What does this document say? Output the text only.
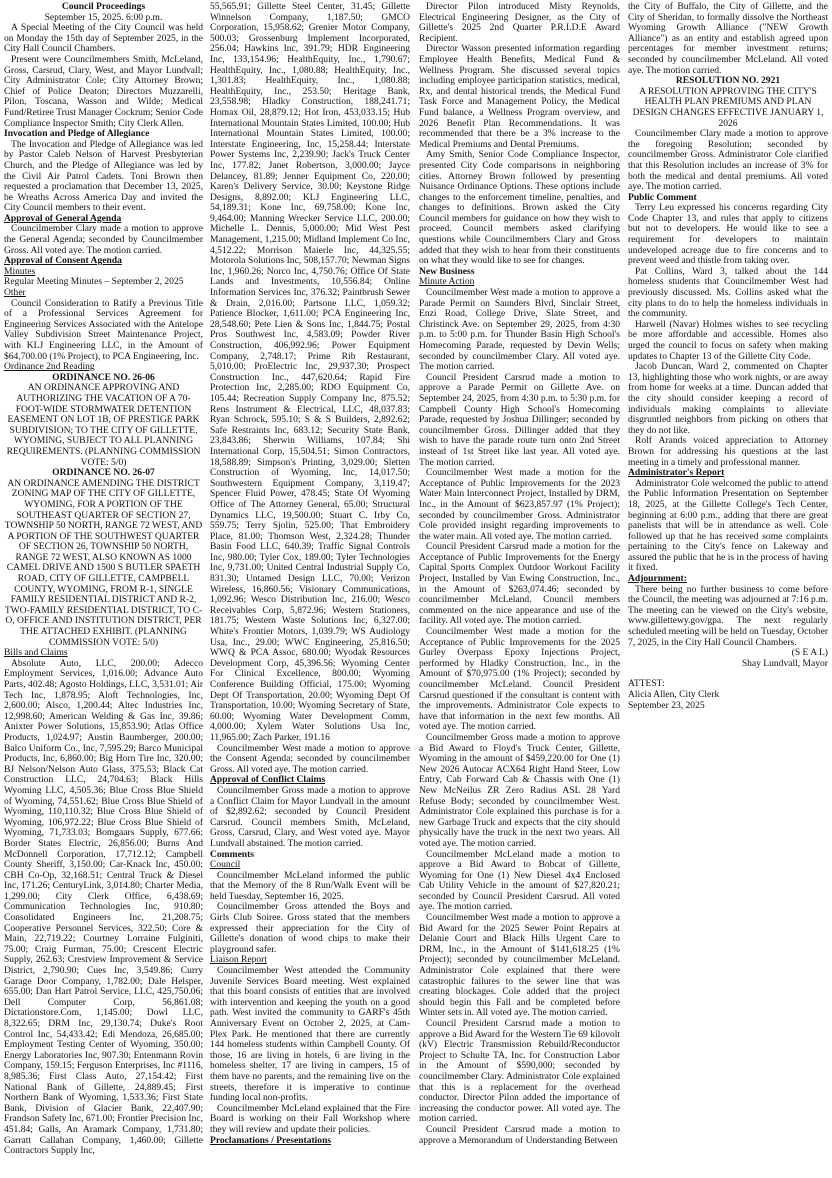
Council Proceedings

September 15, 2025. 6:00 p.m.

A Special Meeting of the City Council was held on Monday the 15th day of September 2025, in the City Hall Council Chambers.

Present were Councilmembers Smith, McLeland, Gross, Carsrud, Clary, West, and Mayor Lundvall; City Administrator Cole; City Attorney Brown; Chief of Police Deaton; Directors Muzzarelli, Pilon, Toscana, Wasson and Wilde; Medical Fund/Retiree Trust Manager Cockrum; Senior Code Compliance Inspector Smith; City Clerk Allen.

Invocation and Pledge of Allegiance

The Invocation and Pledge of Allegiance was led by Pastor Caleb Nelson of Harvest Presbyterian Church, and the Pledge of Allegiance was led by the Civil Air Patrol Cadets. Toni Brown then requested a proclamation that December 13, 2025, be Wreaths Across America Day and invited the City Council members to their event.

Approval of General Agenda

Councilmember Clary made a motion to approve the General Agenda; seconded by Councilmember Gross. All voted aye. The motion carried.

Approval of Consent Agenda

Minutes

Regular Meeting Minutes – September 2, 2025

Other

Council Consideration to Ratify a Previous Title of a Professional Services Agreement for Engineering Services Associated with the Antelope Valley Subdivision Street Maintenance Project, with KLJ Engineering LLC, in the Amount of $64,700.00 (1% Project), to PCA Engineering, Inc.

Ordinance 2nd Reading

ORDINANCE NO. 26-06

AN ORDINANCE APPROVING AND AUTHORIZING THE VACATION OF A 70-FOOT-WIDE STORMWATER DETENTION EASEMENT ON LOT 1B, OF PRESTIGE PARK SUBDIVISION; TO THE CITY OF GILLETTE, WYOMING, SUBJECT TO ALL PLANNING REQUIREMENTS. (PLANNING COMMISSION VOTE: 5/0)

ORDINANCE NO. 26-07

AN ORDINANCE AMENDING THE DISTRICT ZONING MAP OF THE CITY OF GILLETTE, WYOMING, FOR A PORTION OF THE SOUTHEAST QUARTER OF SECTION 27, TOWNSHIP 50 NORTH, RANGE 72 WEST, AND A PORTION OF THE SOUTHWEST QUARTER OF SECTION 26, TOWNSHIP 50 NORTH, RANGE 72 WEST, ALSO KNOWN AS 1000 CAMEL DRIVE AND 1500 S BUTLER SPAETH ROAD, CITY OF GILLETTE, CAMPBELL COUNTY, WYOMING, FROM R-1, SINGLE FAMILY RESIDENTIAL DISTRICT AND R-2, TWO-FAMILY RESIDENTIAL DISTRICT, TO C-O, OFFICE AND INSTITUTION DISTRICT, PER THE ATTACHED EXHIBIT. (PLANNING COMMISSION VOTE: 5/0)

Bills and Claims

Absolute Auto, LLC, 200.00; Adecco Employment Services, 1,016.00; Advance Auto Parts, 402.48; Agosto Holdings, LLC, 3,531.01; Air Tech Inc, 1,878.95; Aloft Technologies, Inc, 2,600.00; Alsco, 1,200.44; Altec Industries Inc, 12,998.60; American Welding & Gas Inc, 39.86; Anixter Power Solutions, 15,853.90; Atlas Office Products, 1,024.97; Austin Baumberger, 200.00; Balco Uniform Co., Inc, 7,595.29; Barco Municipal Products, Inc, 6,860.00; Big Horn Tire Inc, 320.00; BJ Nelson/Nelson Auto Glass, 375.53; Black Cat Construction LLC, 24,704.63; Black Hills Wyoming LLC, 4,505.36; Blue Cross Blue Shield of Wyoming, 74,551.62; Blue Cross Blue Shield of Wyoming, 110,110.32; Blue Cross Blue Shield of Wyoming, 106,972.22; Blue Cross Blue Shield of Wyoming, 71,733.03; Bomgaars Supply, 677.66; Border States Electric, 26,856.00; Burns And McDonnell Corporation, 17,712.12; Campbell County Sheriff, 3,150.00; Car-Knack Inc, 450.00; CBH Co-Op, 32,168.51; Central Truck & Diesel Inc, 171.26; CenturyLink, 3,014.80; Charter Media, 1,299.00; City Clerk Office, 6,438.69; Communication Technologies Inc, 910.80; Consolidated Engineers Inc, 21,208.75; Cooperative Personnel Services, 322.50; Core & Main, 22,719.22; Courtney Lorraine Fulginiti, 75.00; Craig Furman, 75.00; Crescent Electric Supply, 262.63; Crestview Improvement & Service District, 2,790.90; Cues Inc, 3,549.86; Curry Garage Door Company, 1,782.00; Dale Helsper, 655.00; Dan Hart Patrol Service, LLC, 425,750.06; Dell Computer Corp, 56,861.08; Dictationstore.Com, 1,145.00; Dowl LLC, 8,322.65; DRM Inc, 29,130.74; Duke's Root Control Inc, 54,433.42; Edi Mendoza, 26,685.00; Employment Testing Center of Wyoming, 350.00; Energy Laboratories Inc, 907.30; Entenmann Rovin Company, 159.15; Ferguson Enterprises, Inc #1116, 8,985.36; First Class Auto, 27,154.42; First National Bank of Gillette, 24,889.45; First Northern Bank of Wyoming, 1,533.36; First State Bank, Division of Glacier Bank, 22,407.90; Frandson Safety Inc, 671.00; Frontier Precision Inc, 451.84; Galls, An Aramark Company, 1,731.80; Garratt Callahan Company, 1,460.00; Gillette Contractors Supply Inc,

55,565.91; Gillette Steel Center, 31.45; Gillette Winnelson Company, 1,187.50; GMCO Corporation, 15,958.62; Grenier Motor Company, 500.03; Grossenburg Implement Incorporated, 256.04; Hawkins Inc, 391.79; HDR Engineering Inc, 133,154.96; HealthEquity, Inc., 1,790.67; HealthEquity, Inc., 1,080.88; HealthEquity, Inc., 1,301.83; HealthEquity, Inc., 1,080.88; HealthEquity, Inc., 253.50; Heritage Bank, 23,558.98; Hladky Construction, 188,241.71; Homax Oil, 28,879.12; Hot Iron, 453,033.15; Hub International Mountain States Limited, 100.00; Hub International Mountain States Limited, 100.00; Interstate Engineering, Inc, 15,258.44; Interstate Power Systems Inc, 2,239.90; Jack's Truck Center Inc, 177.82; Janet Robertson, 3,000.00; Jayce Delancey, 81.89; Jenner Equipment Co, 220.00; Karen's Delivery Service, 30.00; Keystone Ridge Designs, 8,892.00; KLJ Engineering LLC, 54,189.31; Kone Inc, 69,758.00; Kone Inc, 9,464.00; Manning Wrecker Service LLC, 200.00; Michelle L. Dennis, 5,000.00; Mid West Pest Management, 1,215.00; Midland Implement Co Inc, 4,512.22; Morrison Maierle Inc, 44,325.55; Motorola Solutions Inc, 508,157.70; Newman Signs Inc, 1,960.26; Norco Inc, 4,750.76; Office Of State Lands and Investments, 10,556.84; Online Information Services Inc, 376.32; Paintbrush Sewer & Drain, 2,016.00; Partsone LLC, 1,059.32; Patience Blocker, 1,611.00; PCA Engineering Inc, 28,548.60; Pete Lien & Sons Inc, 1,844.75; Postal Pros Southwest Inc, 4,583.09; Powder River Construction, 406,992.96; Power Equipment Company, 2,748.17; Prime Rib Restaurant, 5,010.00; ProElectric Inc, 29,937.30; Prospect Construction Inc., 447,620.64; Rapid Fire Protection Inc, 2,285.00; RDO Equipment Co, 105.44; Recreation Supply Company Inc, 875.52; Rens Instrument & Electrical, LLC, 48,037.83; Ryan Schrock, 595.10; S & S Builders, 2,892.62; Safe Restraints Inc, 683.12; Security State Bank, 23,843.86; Sherwin Williams, 107.84; Shi International Corp, 15,504.51; Simon Contractors, 18,588.89; Simpson's Printing, 3,029.00; Sletten Construction of Wyoming, Inc, 14,017.50; Southwestern Equipment Company, 3,119.47; Spencer Fluid Power, 478.45; State Of Wyoming Office of The Attorney General, 65.00; Structural Dynamics LLC, 19,500.00; Stuart C. Irby Co, 559.75; Terry Sjolin, 525.00; That Embroidery Place, 81.00; Thomson West, 2,324.28; Thunder Basin Food LLC, 640.39; Traffic Signal Controls Inc, 980.00; Tyler Cox, 189.00; Tyler Technologies Inc, 9,731.00; United Central Industrial Supply Co, 831.30; Untamed Design LLC, 70.00; Verizon Wireless, 16,860.56; Visionary Communications, 1,092.96; Wesco Distribution Inc, 216.00; Wesco Receivables Corp, 5,872.96; Western Stationers, 181.75; Western Waste Solutions Inc, 6,327.00; White's Frontier Motors, 1,039.79; WS Audiology Usa, Inc., 29.00; WWC Engineering, 25,816.50; WWQ & PCA Assoc, 680.00; Wyodak Resources Development Corp, 45,396.56; Wyoming Center For Clinical Excellence, 800.00; Wyoming Conference Building Official, 175.00; Wyoming Dept Of Transportation, 20.00; Wyoming Dept Of Transportation, 10.00; Wyoming Secretary of State, 60.00; Wyoming Water Development Comm, 4,000.00; Xylem Water Solutions Usa Inc, 11,965.00; Zach Parker, 191.16

Councilmember West made a motion to approve the Consent Agenda; seconded by councilmember Gross. All voted aye. The motion carried.

Approval of Conflict Claims

Councilmember Gross made a motion to approve a Conflict Claim for Mayor Lundvall in the amount of $2,892.62; seconded by Council President Carsrud. Council members Smith, McLeland, Gross, Carsrud, Clary, and West voted aye. Mayor Lundvall abstained. The motion carried.

Comments

Council

Councilmember McLeland informed the public that the Memory of the 8 Run/Walk Event will be held Tuesday, September 16, 2025.

Councilmember Gross attended the Boys and Girls Club Soiree. Gross stated that the members expressed their appreciation for the City of Gillette's donation of wood chips to make their playground safer.

Liaison Report

Councilmember West attended the Community Juvenile Services Board meeting. West explained that this board consists of entities that are involved with intervention and keeping the youth on a good path. West invited the community to GARF's 45th Anniversary Event on October 2, 2025, at Cam-Plex Park. He mentioned that there are currently 144 homeless students within Campbell County. Of those, 16 are living in hotels, 6 are living in the homeless shelter, 17 are living in campers, 15 of them have no parents, and the remaining live on the streets, therefore it is imperative to continue funding local non-profits.

Councilmember McLeland explained that the Fire Board is working on their Fall Workshop where they will review and update their policies.

Proclamations / Presentations

Director Pilon introduced Misty Reynolds, Electrical Engineering Designer, as the City of Gillette's 2025 2nd Quarter P.R.I.D.E Award Recipient.

Director Wasson presented information regarding Employee Health Benefits, Medical Fund & Wellness Program. She discussed several topics including employee participation statistics, medical, Rx, and dental historical trends, the Medical Fund Task Force and Management Policy, the Medical Fund balance, a Wellness Program overview, and 2026 Benefit Plan Recommendations. It was recommended that there be a 3% increase to the Medical Premiums and Dental Premiums.

Amy Smith, Senior Code Compliance Inspector, presented City Code comparisons in neighboring cities. Attorney Brown followed by presenting Nuisance Ordinance Options. These options include changes to the enforcement timeline, penalties, and changes to definitions. Brown asked the City Council members for guidance on how they wish to proceed. Council members asked clarifying questions while Councilmembers Clary and Gross added that they wish to hear from their constituents on what they would like to see for changes.

New Business

Minute Action

Councilmember West made a motion to approve a Parade Permit on Saunders Blvd, Sinclair Street, Enzi Road, College Drive, Slate Street, and Christinck Ave. on September 29, 2025, from 4:30 p.m. to 5:00 p.m. for Thunder Basin High School's Homecoming Parade, requested by Devin Wells; seconded by councilmember Clary. All voted aye. The motion carried.

Council President Carsrud made a motion to approve a Parade Permit on Gillette Ave. on September 24, 2025, from 4:30 p.m. to 5:30 p.m. for Campbell County High School's Homecoming Parade, requested by Joshua Dillinger; seconded by councilmember Gross. Dillinger added that they wish to have the parade route turn onto 2nd Street instead of 1st Street like last year. All voted aye. The motion carried.

Councilmember West made a motion for the Acceptance of Public Improvements for the 2023 Water Main Interconnect Project, Installed by DRM, Inc., in the Amount of $623,857.97 (1% Project); seconded by councilmember Gross. Administrator Cole provided insight regarding improvements to the water main. All voted aye. The motion carried.

Council President Carsrud made a motion for the Acceptance of Public Improvements for the Energy Capital Sports Complex Outdoor Workout Facility Project, Installed by Van Ewing Construction, Inc., in the Amount of $263,074.46; seconded by councilmember McLeland. Council members commented on the nice appearance and use of the facility. All voted aye. The motion carried.

Councilmember West made a motion for the Acceptance of Public Improvements for the 2025 Gurley Overpass Epoxy Injections Project, performed by Hladky Construction, Inc., in the Amount of $70,975.00 (1% Project); seconded by councilmember McLeland. Council President Carsrud questioned if the consultant is content with the improvements. Administrator Cole expects to have that information in the next few months. All voted aye. The motion carried.

Councilmember Gross made a motion to approve a Bid Award to Floyd's Truck Center, Gillette, Wyoming in the amount of $459,220.00 for One (1) New 2026 Autocar ACX64 Right Hand Steer, Low Entry, Cab Forward Cab & Chassis with One (1) New McNeilus ZR Zero Radius ASL 28 Yard Refuse Body; seconded by councilmember West. Administrator Cole explained this purchase is for a new Garbage Truck and expects that the city should physically have the truck in the next two years. All voted aye. The motion carried.

Councilmember McLeland made a motion to approve a Bid Award to Bobcat of Gillette, Wyoming for One (1) New Diesel 4x4 Enclosed Cab Utility Vehicle in the amount of $27,820.21; seconded by Council President Carsrud. All voted aye. The motion carried.

Councilmember West made a motion to approve a Bid Award for the 2025 Sewer Point Repairs at Delanie Court and Black Hills Urgent Care to DRM, Inc., in the Amount of $141,618.25 (1% Project); seconded by councilmember McLeland. Administrator Cole explained that there were catastrophic failures to the sewer line that was creating blockages. Cole added that the project should begin this Fall and be completed before Winter sets in. All voted aye. The motion carried.

Council President Carsrud made a motion to approve a Bid Award for the Western Tie 69 kilovolt (kV) Electric Transmission Rebuild/Reconductor Project to Schulte TA, Inc. for Construction Labor in the Amount of $590,000; seconded by councilmember Clary. Administrator Cole explained that this is a replacement for the overhead conductor. Director Pilon added the importance of increasing the conductor power. All voted aye. The motion carried.

Council President Carsrud made a motion to approve a Memorandum of Understanding Between

the City of Buffalo, the City of Gillette, and the City of Sheridan, to formally dissolve the Northeast Wyoming Growth Alliance ("NEW Growth Alliance") as an entity and establish agreed upon percentages for member investment returns; seconded by councilmember McLeland. All voted aye. The motion carried.

RESOLUTION NO. 2921

A RESOLUTION APPROVING THE CITY'S HEALTH PLAN PREMIUMS AND PLAN DESIGN CHANGES EFFECTIVE JANUARY 1, 2026

Councilmember Clary made a motion to approve the foregoing Resolution; seconded by councilmember Gross. Administrator Cole clarified that this Resolution includes an increase of 3% for both the medical and dental premiums. All voted aye. The motion carried.

Public Comment

Terry Leu expressed his concerns regarding City Code Chapter 13, and rules that apply to citizens but not to developers. He would like to see a requirement for developers to maintain undeveloped acreage due to fire concerns and to prevent weed and thistle from taking over.

Pat Collins, Ward 3, talked about the 144 homeless students that Councilmember West had previously discussed. Ms. Collins asked what the city plans to do to help the homeless individuals in the community.

Harwell (Navar) Holmes wishes to see recycling be more affordable and accessible. Homes also urged the council to focus on safety when making updates to Chapter 13 of the Gillette City Code.

Jacob Duncan, Ward 2, commented on Chapter 13, highlighting those who work nights, or are away from home for weeks at a time. Duncan added that the city should consider keeping a record of individuals making complaints to alleviate disgruntled neighbors from picking on others that they do not like.

Rolf Arands voiced appreciation to Attorney Brown for addressing his questions at the last meeting in a timely and professional manner.

Administrator's Report

Administrator Cole welcomed the public to attend the Public Information Presentation on September 18, 2025, at the Gillette College's Tech Center, beginning at 6:00 p.m., adding that there are great panelists that will be in attendance as well. Cole followed up that he has received some complaints pertaining to the City's fence on Lakeway and assured the public that he is in the process of having it fixed.

Adjournment:

There being no further business to come before the Council, the meeting was adjourned at 7:16 p.m. The meeting can be viewed on the City's website, www.gillettewy.gov/gpa. The next regularly scheduled meeting will be held on Tuesday, October 7, 2025, in the City Hall Council Chambers.

(S E A L)

Shay Lundvall, Mayor

ATTEST:

Alicia Allen, City Clerk

September 23, 2025
